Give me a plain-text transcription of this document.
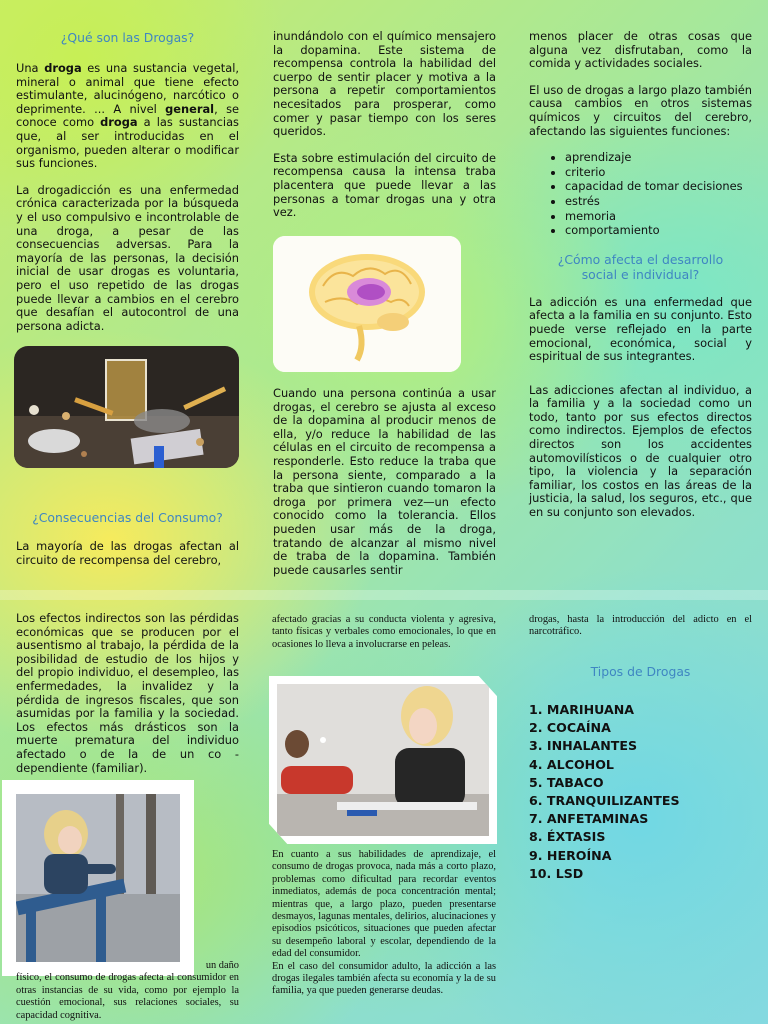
¿Qué son las Drogas?

Una droga es una sustancia vegetal, mineral o animal que tiene efecto estimulante, alucinógeno, narcótico o deprimente. ... A nivel general, se conoce como droga a las sustancias que, al ser introducidas en el organismo, pueden alterar o modificar sus funciones.

La drogadicción es una enfermedad crónica caracterizada por la búsqueda y el uso compulsivo e incontrolable de una droga, a pesar de las consecuencias adversas. Para la mayoría de las personas, la decisión inicial de usar drogas es voluntaria, pero el uso repetido de las drogas puede llevar a cambios en el cerebro que desafían el autocontrol de una persona adicta.

¿Consecuencias del Consumo?

La mayoría de las drogas afectan al circuito de recompensa del cerebro,

inundándolo con el químico mensajero la dopamina. Este sistema de recompensa controla la habilidad del cuerpo de sentir placer y motiva a la persona a repetir comportamientos necesitados para prosperar, como comer y pasar tiempo con los seres queridos.

Esta sobre estimulación del circuito de recompensa causa la intensa traba placentera que puede llevar a las personas a tomar drogas una y otra vez.

Cuando una persona continúa a usar drogas, el cerebro se ajusta al exceso de la dopamina al producir menos de ella, y/o reduce la habilidad de las células en el circuito de recompensa a responderle. Esto reduce la traba que la persona siente, comparado a la traba que sintieron cuando tomaron la droga por primera vez—un efecto conocido como la tolerancia. Ellos pueden usar más de la droga, tratando de alcanzar al mismo nivel de traba de la dopamina. También puede causarles sentir

menos placer de otras cosas que alguna vez disfrutaban, como la comida y actividades sociales.

El uso de drogas a largo plazo también causa cambios en otros sistemas químicos y circuitos del cerebro, afectando las siguientes funciones:

• aprendizaje
• criterio
• capacidad de tomar decisiones
• estrés
• memoria
• comportamiento
¿Cómo afecta el desarrollo social e individual?

La adicción es una enfermedad que afecta a la familia en su conjunto. Esto puede verse reflejado en la parte emocional, económica, social y espiritual de sus integrantes.

Las adicciones afectan al individuo, a la familia y a la sociedad como un todo, tanto por sus efectos directos como indirectos. Ejemplos de efectos directos son los accidentes automovilísticos o de cualquier otro tipo, la violencia y la separación familiar, los costos en las áreas de la justicia, la salud, los seguros, etc., que en su conjunto son elevados.

Los efectos indirectos son las pérdidas económicas que se producen por el ausentismo al trabajo, la pérdida de la posibilidad de estudio de los hijos y del propio individuo, el desempleo, las enfermedades, la invalidez y la pérdida de ingresos fiscales, que son asumidas por la familia y la sociedad. Los efectos más drásticos son la muerte prematura del individuo afectado o de la de un co - dependiente (familiar).

un daño

físico, el consumo de drogas afecta al consumidor en otras instancias de su vida, como por ejemplo la cuestión emocional, sus relaciones sociales, su capacidad cognitiva.

afectado gracias a su conducta violenta y agresiva, tanto físicas y verbales como emocionales, lo que en ocasiones lo lleva a involucrarse en peleas.

En cuanto a sus habilidades de aprendizaje, el consumo de drogas provoca, nada más a corto plazo, problemas como dificultad para recordar eventos inmediatos, además de poca concentración mental; mientras que, a largo plazo, pueden presentarse desmayos, lagunas mentales, delirios, alucinaciones y episodios psicóticos, situaciones que pueden afectar su desempeño laboral y escolar, dependiendo de la edad del consumidor.

En el caso del consumidor adulto, la adicción a las drogas ilegales también afecta su economía y la de su familia, ya que pueden generarse deudas.

drogas, hasta la introducción del adicto en el narcotráfico.

Tipos de Drogas
1. MARIHUANA
2. COCAÍNA
3. INHALANTES
4. ALCOHOL
5. TABACO
6. TRANQUILIZANTES
7. ANFETAMINAS
8. ÉXTASIS
9. HEROÍNA
10. LSD
